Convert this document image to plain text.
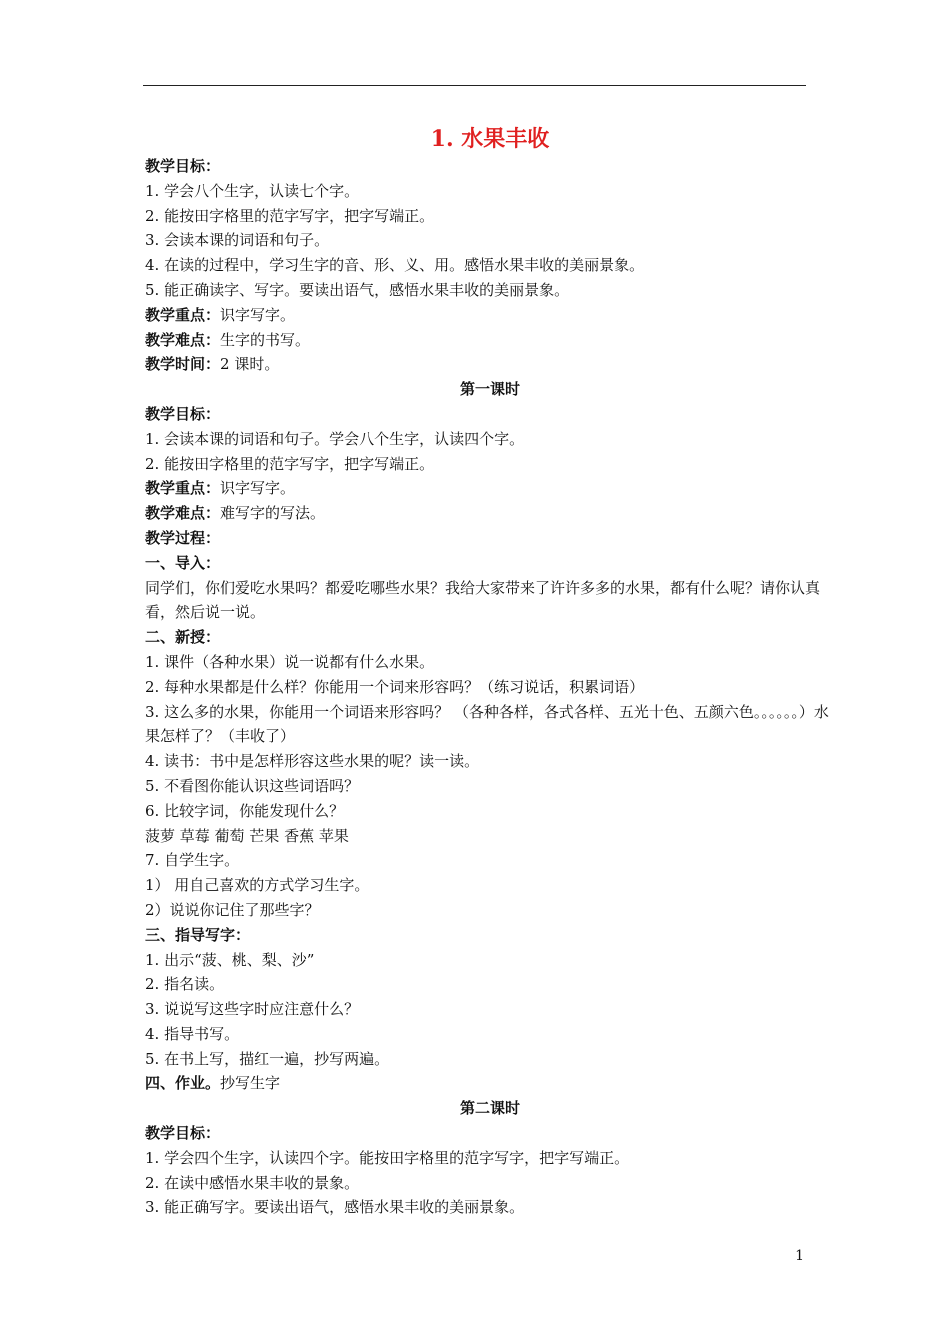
1. 水果丰收
教学目标：
1. 学会八个生字，认读七个字。
2. 能按田字格里的范字写字，把字写端正。
3. 会读本课的词语和句子。
4. 在读的过程中，学习生字的音、形、义、用。感悟水果丰收的美丽景象。
5. 能正确读字、写字。要读出语气，感悟水果丰收的美丽景象。
教学重点：识字写字。
教学难点：生字的书写。
教学时间：2 课时。
第一课时
教学目标：
1. 会读本课的词语和句子。学会八个生字，认读四个字。
2. 能按田字格里的范字写字，把字写端正。
教学重点：识字写字。
教学难点：难写字的写法。
教学过程：
一、导入：
同学们，你们爱吃水果吗？都爱吃哪些水果？我给大家带来了许许多多的水果，都有什么呢？请你认真看，然后说一说。
二、新授：
1. 课件（各种水果）说一说都有什么水果。
2. 每种水果都是什么样？你能用一个词来形容吗？（练习说话，积累词语）
3. 这么多的水果，你能用一个词语来形容吗？ （各种各样，各式各样、五光十色、五颜六色。。。。。。）水果怎样了？（丰收了）
4. 读书：书中是怎样形容这些水果的呢？读一读。
5. 不看图你能认识这些词语吗？
6. 比较字词，你能发现什么？
菠萝 草莓 葡萄 芒果 香蕉 苹果
7. 自学生字。
1） 用自己喜欢的方式学习生字。
2）说说你记住了那些字？
三、指导写字：
1. 出示“菠、桃、梨、沙”
2. 指名读。
3. 说说写这些字时应注意什么？
4. 指导书写。
5. 在书上写，描红一遍，抄写两遍。
四、作业。抄写生字
第二课时
教学目标：
1. 学会四个生字，认读四个字。能按田字格里的范字写字，把字写端正。
2. 在读中感悟水果丰收的景象。
3. 能正确写字。要读出语气，感悟水果丰收的美丽景象。
1
